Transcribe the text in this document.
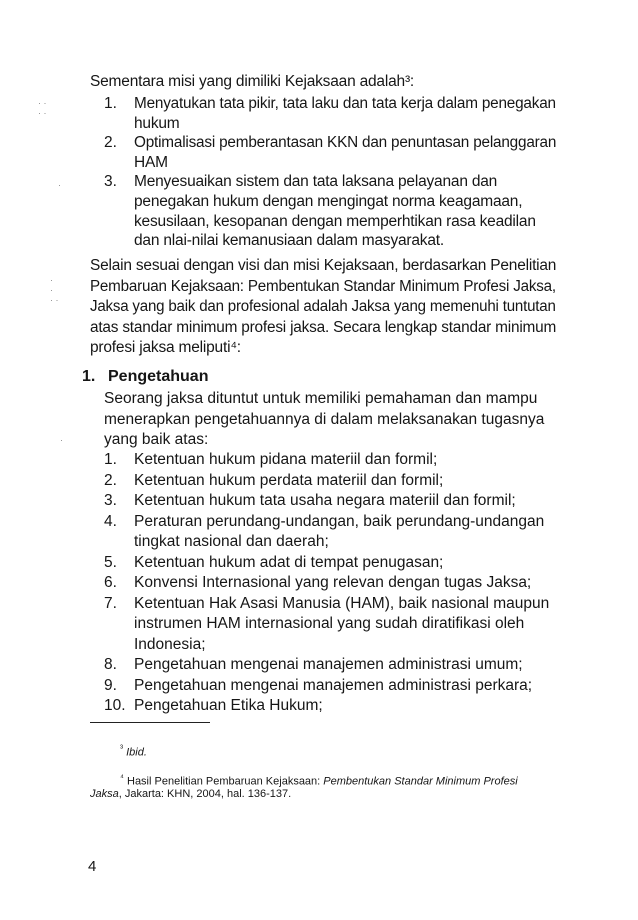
Sementara misi yang dimiliki Kejaksaan adalah³:
1. Menyatukan tata pikir, tata laku dan tata kerja dalam penegakan
hukum
2. Optimalisasi pemberantasan KKN dan penuntasan pelanggaran
HAM
3. Menyesuaikan sistem dan tata laksana pelayanan dan
penegakan hukum dengan mengingat norma keagamaan,
kesusilaan, kesopanan dengan memperhtikan rasa keadilan
dan nlai-nilai kemanusiaan dalam masyarakat.
Selain sesuai dengan visi dan misi Kejaksaan, berdasarkan Penelitian
Pembaruan Kejaksaan: Pembentukan Standar Minimum Profesi Jaksa,
Jaksa yang baik dan profesional adalah Jaksa yang memenuhi tuntutan
atas standar minimum profesi jaksa. Secara lengkap standar minimum
profesi jaksa meliputi⁴:
1. Pengetahuan
Seorang jaksa dituntut untuk memiliki pemahaman dan mampu
menerapkan pengetahuannya di dalam melaksanakan tugasnya
yang baik atas:
1. Ketentuan hukum pidana materiil dan formil;
2. Ketentuan hukum perdata materiil dan formil;
3. Ketentuan hukum tata usaha negara materiil dan formil;
4. Peraturan perundang-undangan, baik perundang-undangan
tingkat nasional dan daerah;
5. Ketentuan hukum adat di tempat penugasan;
6. Konvensi Internasional yang relevan dengan tugas Jaksa;
7. Ketentuan Hak Asasi Manusia (HAM), baik nasional maupun
instrumen HAM internasional yang sudah diratifikasi oleh
Indonesia;
8. Pengetahuan mengenai manajemen administrasi umum;
9. Pengetahuan mengenai manajemen administrasi perkara;
10. Pengetahuan Etika Hukum;
$^{^3}$ Ibid.
$^{^4}$ Hasil Penelitian Pembaruan Kejaksaan: Pembentukan Standar Minimum Profesi
Jaksa, Jakarta: KHN, 2004, hal. 136-137.
4
· ·
· ·
·
·
·
· ·
·
